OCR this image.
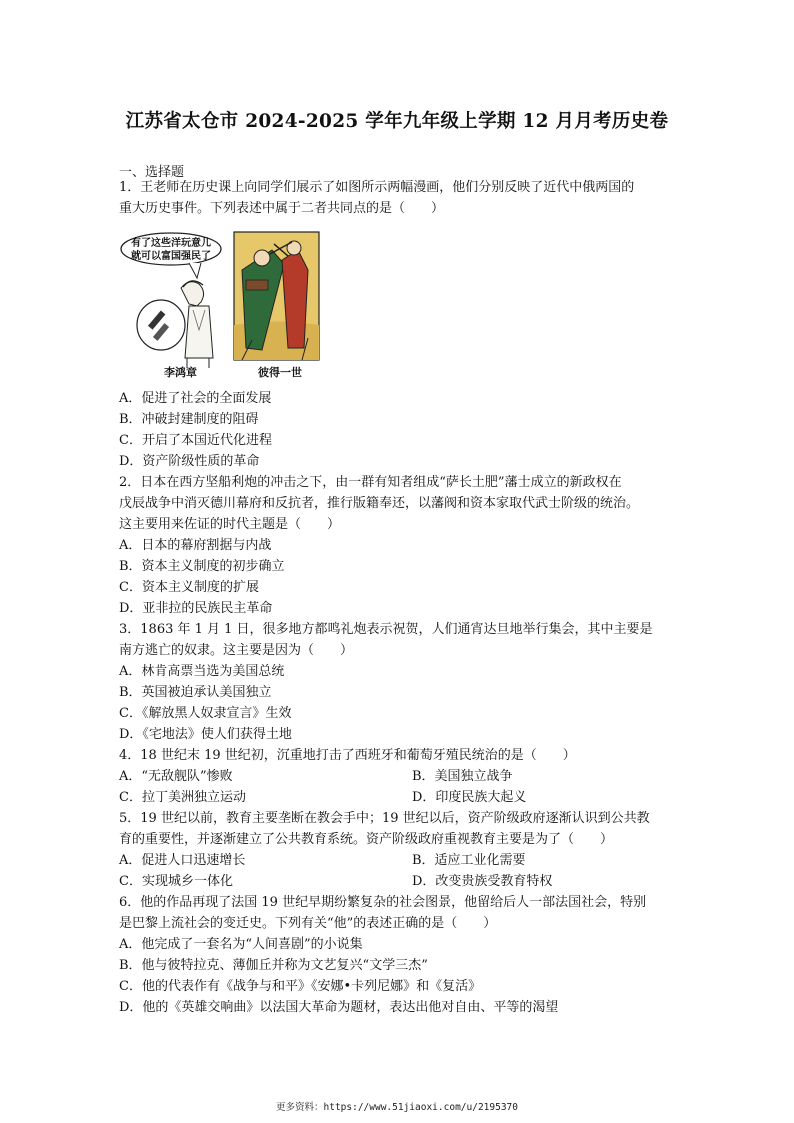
江苏省太仓市 2024-2025 学年九年级上学期 12 月月考历史卷
一、选择题
1．王老师在历史课上向同学们展示了如图所示两幅漫画，他们分别反映了近代中俄两国的
重大历史事件。下列表述中属于二者共同点的是（　　）
有了这些洋玩意儿
就可以富国强民了
李鸿章	彼得一世
A．促进了社会的全面发展
B．冲破封建制度的阻碍
C．开启了本国近代化进程
D．资产阶级性质的革命
2．日本在西方坚船利炮的冲击之下，由一群有知者组成“萨长土肥”藩士成立的新政权在
戊辰战争中消灭德川幕府和反抗者，推行版籍奉还，以藩阀和资本家取代武士阶级的统治。
这主要用来佐证的时代主题是（　　）
A．日本的幕府割据与内战
B．资本主义制度的初步确立
C．资本主义制度的扩展
D．亚非拉的民族民主革命
3．1863 年 1 月 1 日，很多地方都鸣礼炮表示祝贺，人们通宵达旦地举行集会，其中主要是
南方逃亡的奴隶。这主要是因为（　　）
A．林肯高票当选为美国总统
B．英国被迫承认美国独立
C．《解放黑人奴隶宣言》生效
D．《宅地法》使人们获得土地
4．18 世纪末 19 世纪初，沉重地打击了西班牙和葡萄牙殖民统治的是（　　）
A．“无敌舰队”惨败	B．美国独立战争
C．拉丁美洲独立运动	D．印度民族大起义
5．19 世纪以前，教育主要垄断在教会手中；19 世纪以后，资产阶级政府逐渐认识到公共教
育的重要性，并逐渐建立了公共教育系统。资产阶级政府重视教育主要是为了（　　）
A．促进人口迅速增长	B．适应工业化需要
C．实现城乡一体化	D．改变贵族受教育特权
6．他的作品再现了法国 19 世纪早期纷繁复杂的社会图景，他留给后人一部法国社会，特别
是巴黎上流社会的变迁史。下列有关“他”的表述正确的是（　　）
A．他完成了一套名为“人间喜剧”的小说集
B．他与彼特拉克、薄伽丘并称为文艺复兴“文学三杰”
C．他的代表作有《战争与和平》《安娜•卡列尼娜》和《复活》
D．他的《英雄交响曲》以法国大革命为题材，表达出他对自由、平等的渴望
更多资料：https://www.51jiaoxi.com/u/2195370
